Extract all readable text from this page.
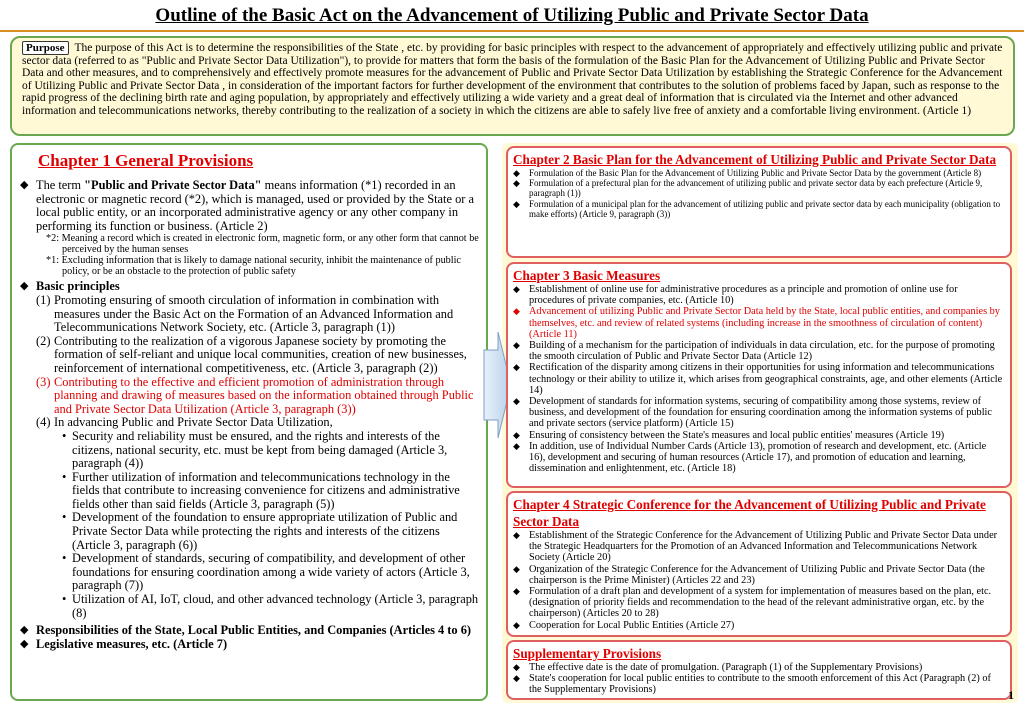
Outline of the Basic Act on the Advancement of Utilizing Public and Private Sector Data
Purpose The purpose of this Act is to determine the responsibilities of the State , etc. by providing for basic principles with respect to the advancement of appropriately and effectively utilizing public and private sector data (referred to as "Public and Private Sector Data Utilization"), to provide for matters that form the basis of the formulation of the Basic Plan for the Advancement of Utilizing Public and Private Sector Data and other measures, and to comprehensively and effectively promote measures for the advancement of Public and Private Sector Data Utilization by establishing the Strategic Conference for the Advancement of Utilizing Public and Private Sector Data , in consideration of the important factors for further development of the environment that contributes to the solution of problems faced by Japan, such as response to the rapid progress of the declining birth rate and aging population, by appropriately and effectively utilizing a wide variety and a great deal of information that is circulated via the Internet and other advanced information and telecommunications networks, thereby contributing to the realization of a society in which the citizens are able to safely live free of anxiety and a comfortable living environment. (Article 1)
Chapter 1 General Provisions
◆ The term "Public and Private Sector Data" means information (*1) recorded in an electronic or magnetic record (*2), which is managed, used or provided by the State or a local public entity, or an incorporated administrative agency or any other company in performing its function or business. (Article 2)
*2: Meaning a record which is created in electronic form, magnetic form, or any other form that cannot be perceived by the human senses
*1: Excluding information that is likely to damage national security, inhibit the maintenance of public policy, or be an obstacle to the protection of public safety
◆ Basic principles
(1) Promoting ensuring of smooth circulation of information in combination with measures under the Basic Act on the Formation of an Advanced Information and Telecommunications Network Society, etc. (Article 3, paragraph (1))
(2) Contributing to the realization of a vigorous Japanese society by promoting the formation of self-reliant and unique local communities, creation of new businesses, reinforcement of international competitiveness, etc. (Article 3, paragraph (2))
(3) Contributing to the effective and efficient promotion of administration through planning and drawing of measures based on the information obtained through Public and Private Sector Data Utilization (Article 3, paragraph (3))
(4) In advancing Public and Private Sector Data Utilization,
• Security and reliability must be ensured, and the rights and interests of the citizens, national security, etc. must be kept from being damaged (Article 3, paragraph (4))
• Further utilization of information and telecommunications technology in the fields that contribute to increasing convenience for citizens and administrative fields other than said fields (Article 3, paragraph (5))
• Development of the foundation to ensure appropriate utilization of Public and Private Sector Data while protecting the rights and interests of the citizens (Article 3, paragraph (6))
• Development of standards, securing of compatibility, and development of other foundations for ensuring coordination among a wide variety of actors (Article 3, paragraph (7))
• Utilization of AI, IoT, cloud, and other advanced technology (Article 3, paragraph (8)
◆ Responsibilities of the State, Local Public Entities, and Companies (Articles 4 to 6)
◆ Legislative measures, etc. (Article 7)
Chapter 2 Basic Plan for the Advancement of Utilizing Public and Private Sector Data
◆	Formulation of the Basic Plan for the Advancement of Utilizing Public and Private Sector Data by the government (Article 8)
◆	Formulation of a prefectural plan for the advancement of utilizing public and private sector data by each prefecture (Article 9, paragraph (1))
◆	Formulation of a municipal plan for the advancement of utilizing public and private sector data by each municipality (obligation to make efforts) (Article 9, paragraph (3))
Chapter 3 Basic Measures
◆ Establishment of online use for administrative procedures as a principle and promotion of online use for procedures of private companies, etc. (Article 10)
◆ Advancement of utilizing Public and Private Sector Data held by the State, local public entities, and companies by themselves, etc. and review of related systems (including increase in the smoothness of circulation of content) (Article 11)
◆ Building of a mechanism for the participation of individuals in data circulation, etc. for the purpose of promoting the smooth circulation of Public and Private Sector Data (Article 12)
◆ Rectification of the disparity among citizens in their opportunities for using information and telecommunications technology or their ability to utilize it, which arises from geographical constraints, age, and other elements (Article 14)
◆ Development of standards for information systems, securing of compatibility among those systems, review of business, and development of the foundation for ensuring coordination among the information systems of public and private sectors (service platform) (Article 15)
◆ Ensuring of consistency between the State's measures and local public entities' measures (Article 19)
◆ In addition, use of Individual Number Cards (Article 13), promotion of research and development, etc. (Article 16), development and securing of human resources (Article 17), and promotion of education and learning, dissemination and enlightenment, etc. (Article 18)
Chapter 4 Strategic Conference for the Advancement of Utilizing Public and Private Sector Data
◆ Establishment of the Strategic Conference for the Advancement of Utilizing Public and Private Sector Data under the Strategic Headquarters for the Promotion of an Advanced Information and Telecommunications Network Society (Article 20)
◆ Organization of the Strategic Conference for the Advancement of Utilizing Public and Private Sector Data (the chairperson is the Prime Minister) (Articles 22 and 23)
◆ Formulation of a draft plan and development of a system for implementation of measures based on the plan, etc. (designation of priority fields and recommendation to the head of the relevant administrative organ, etc. by the chairperson) (Articles 20 to 28)
◆ Cooperation for Local Public Entities (Article 27)
Supplementary Provisions
◆ The effective date is the date of promulgation. (Paragraph (1) of the Supplementary Provisions)
◆ State's cooperation for local public entities to contribute to the smooth enforcement of this Act (Paragraph (2) of the Supplementary Provisions)	1
